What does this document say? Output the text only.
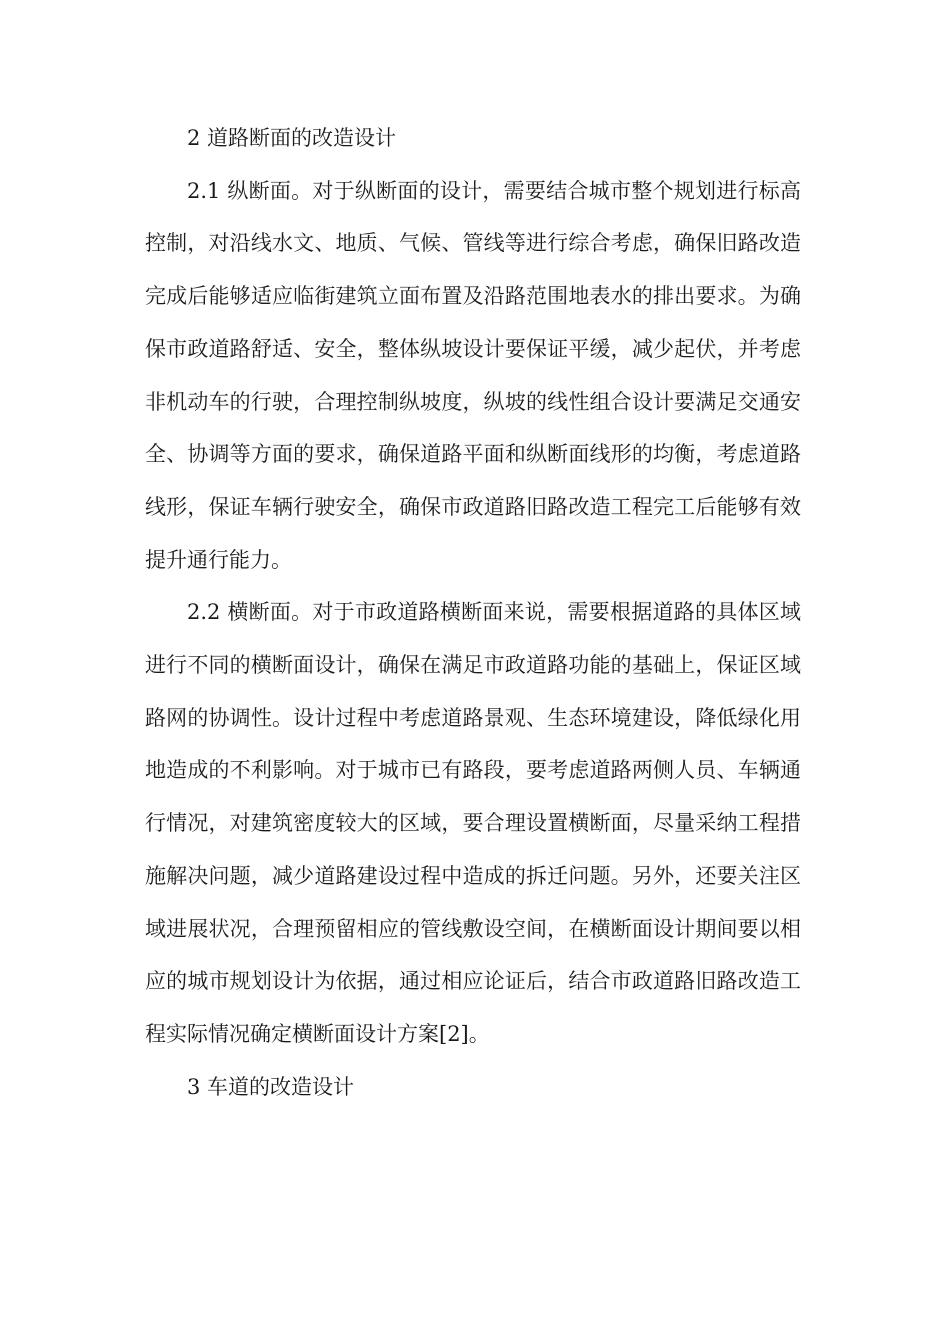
2 道路断面的改造设计

2.1 纵断面。对于纵断面的设计，需要结合城市整个规划进行标高控制，对沿线水文、地质、气候、管线等进行综合考虑，确保旧路改造完成后能够适应临街建筑立面布置及沿路范围地表水的排出要求。为确保市政道路舒适、安全，整体纵坡设计要保证平缓，减少起伏，并考虑非机动车的行驶，合理控制纵坡度，纵坡的线性组合设计要满足交通安全、协调等方面的要求，确保道路平面和纵断面线形的均衡，考虑道路线形，保证车辆行驶安全，确保市政道路旧路改造工程完工后能够有效提升通行能力。

2.2 横断面。对于市政道路横断面来说，需要根据道路的具体区域进行不同的横断面设计，确保在满足市政道路功能的基础上，保证区域路网的协调性。设计过程中考虑道路景观、生态环境建设，降低绿化用地造成的不利影响。对于城市已有路段，要考虑道路两侧人员、车辆通行情况，对建筑密度较大的区域，要合理设置横断面，尽量采纳工程措施解决问题，减少道路建设过程中造成的拆迁问题。另外，还要关注区域进展状况，合理预留相应的管线敷设空间，在横断面设计期间要以相应的城市规划设计为依据，通过相应论证后，结合市政道路旧路改造工程实际情况确定横断面设计方案[2]。

3 车道的改造设计
